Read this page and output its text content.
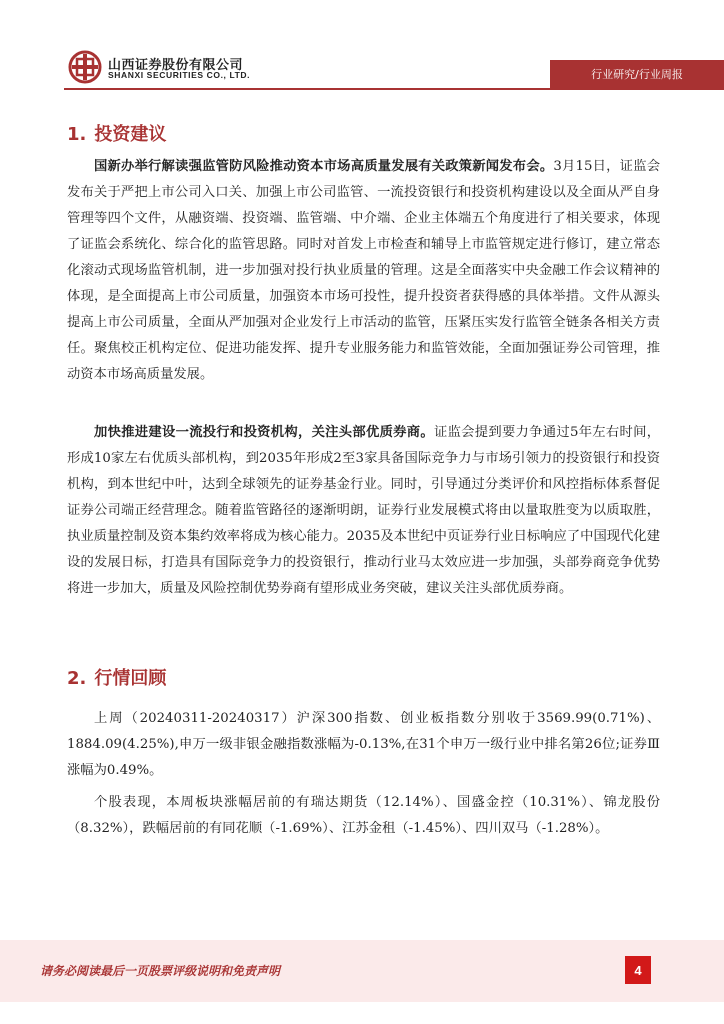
山西证券股份有限公司
SHANXI SECURITIES CO., LTD.	行业研究/行业周报
1. 投资建议

国新办举行解读强监管防风险推动资本市场高质量发展有关政策新闻发布会。3月15日，证监会发布关于严把上市公司入口关、加强上市公司监管、一流投资银行和投资机构建设以及全面从严自身管理等四个文件，从融资端、投资端、监管端、中介端、企业主体端五个角度进行了相关要求，体现了证监会系统化、综合化的监管思路。同时对首发上市检查和辅导上市监管规定进行修订，建立常态化滚动式现场监管机制，进一步加强对投行执业质量的管理。这是全面落实中央金融工作会议精神的体现，是全面提高上市公司质量，加强资本市场可投性，提升投资者获得感的具体举措。文件从源头提高上市公司质量，全面从严加强对企业发行上市活动的监管，压紧压实发行监管全链条各相关方责任。聚焦校正机构定位、促进功能发挥、提升专业服务能力和监管效能，全面加强证券公司管理，推动资本市场高质量发展。

加快推进建设一流投行和投资机构，关注头部优质券商。证监会提到要力争通过5年左右时间，形成10家左右优质头部机构，到2035年形成2至3家具备国际竞争力与市场引领力的投资银行和投资机构，到本世纪中叶，达到全球领先的证券基金行业。同时，引导通过分类评价和风控指标体系督促证券公司端正经营理念。随着监管路径的逐渐明朗，证券行业发展模式将由以量取胜变为以质取胜，执业质量控制及资本集约效率将成为核心能力。2035及本世纪中页证券行业日标响应了中国现代化建设的发展日标，打造具有国际竞争力的投资银行，推动行业马太效应进一步加强，头部券商竞争优势将进一步加大，质量及风险控制优势券商有望形成业务突破，建议关注头部优质券商。

2. 行情回顾

上周（20240311-20240317）沪深300指数、创业板指数分别收于3569.99(0.71%)、1884.09(4.25%),申万一级非银金融指数涨幅为-0.13%,在31个申万一级行业中排名第26位;证券Ⅲ涨幅为0.49%。

个股表现，本周板块涨幅居前的有瑞达期货（12.14%）、国盛金控（10.31%）、锦龙股份（8.32%），跌幅居前的有同花顺（-1.69%）、江苏金租（-1.45%）、四川双马（-1.28%）。

请务必阅读最后一页股票评级说明和免责声明	4
